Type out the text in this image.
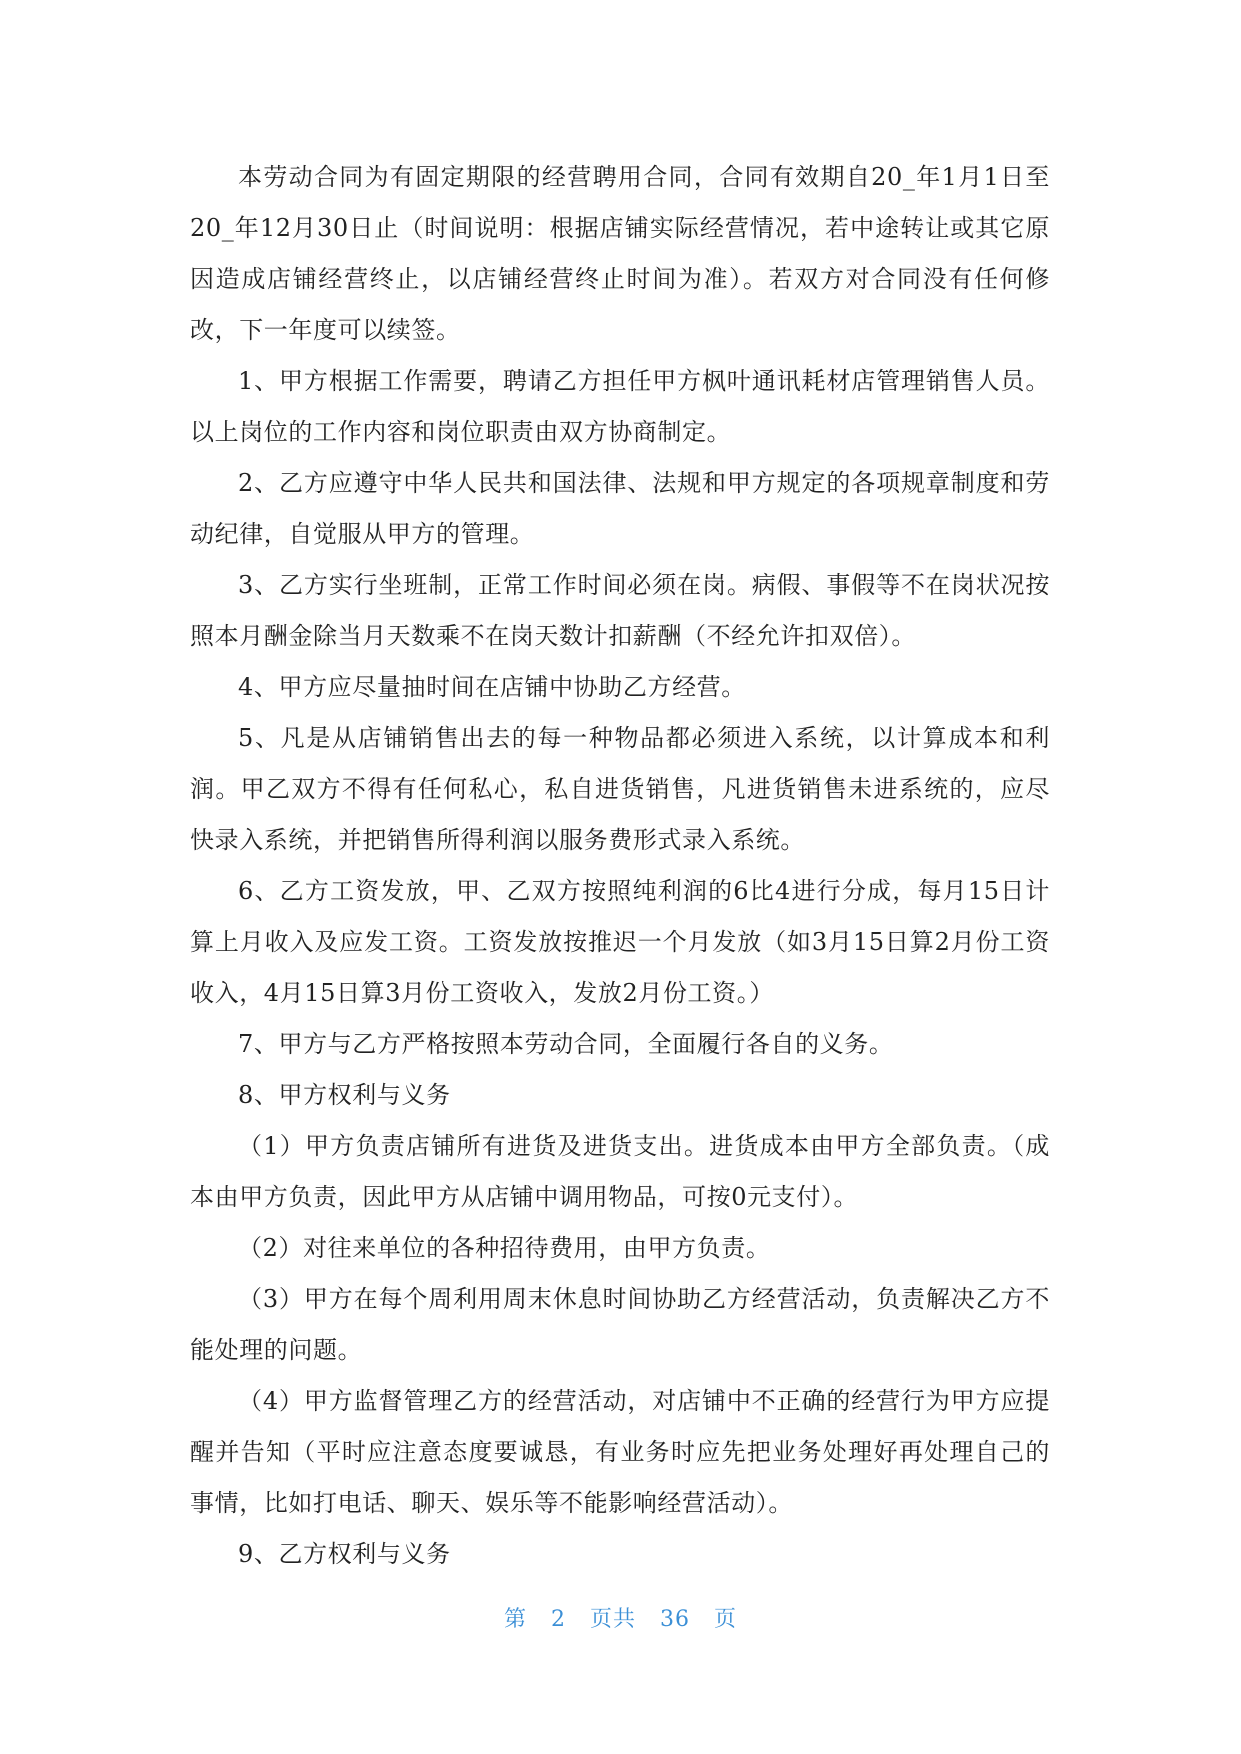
本劳动合同为有固定期限的经营聘用合同，合同有效期自20_年1月1日至20_年12月30日止（时间说明：根据店铺实际经营情况，若中途转让或其它原因造成店铺经营终止，以店铺经营终止时间为准）。若双方对合同没有任何修改，下一年度可以续签。

1、甲方根据工作需要，聘请乙方担任甲方枫叶通讯耗材店管理销售人员。以上岗位的工作内容和岗位职责由双方协商制定。

2、乙方应遵守中华人民共和国法律、法规和甲方规定的各项规章制度和劳动纪律，自觉服从甲方的管理。

3、乙方实行坐班制，正常工作时间必须在岗。病假、事假等不在岗状况按照本月酬金除当月天数乘不在岗天数计扣薪酬（不经允许扣双倍）。

4、甲方应尽量抽时间在店铺中协助乙方经营。

5、凡是从店铺销售出去的每一种物品都必须进入系统，以计算成本和利润。甲乙双方不得有任何私心，私自进货销售，凡进货销售未进系统的，应尽快录入系统，并把销售所得利润以服务费形式录入系统。

6、乙方工资发放，甲、乙双方按照纯利润的6比4进行分成，每月15日计算上月收入及应发工资。工资发放按推迟一个月发放（如3月15日算2月份工资收入，4月15日算3月份工资收入，发放2月份工资。）

7、甲方与乙方严格按照本劳动合同，全面履行各自的义务。

8、甲方权利与义务

（1）甲方负责店铺所有进货及进货支出。进货成本由甲方全部负责。（成本由甲方负责，因此甲方从店铺中调用物品，可按0元支付）。

（2）对往来单位的各种招待费用，由甲方负责。

（3）甲方在每个周利用周末休息时间协助乙方经营活动，负责解决乙方不能处理的问题。

（4）甲方监督管理乙方的经营活动，对店铺中不正确的经营行为甲方应提醒并告知（平时应注意态度要诚恳，有业务时应先把业务处理好再处理自己的事情，比如打电话、聊天、娱乐等不能影响经营活动）。

9、乙方权利与义务

第 2 页共 36 页
